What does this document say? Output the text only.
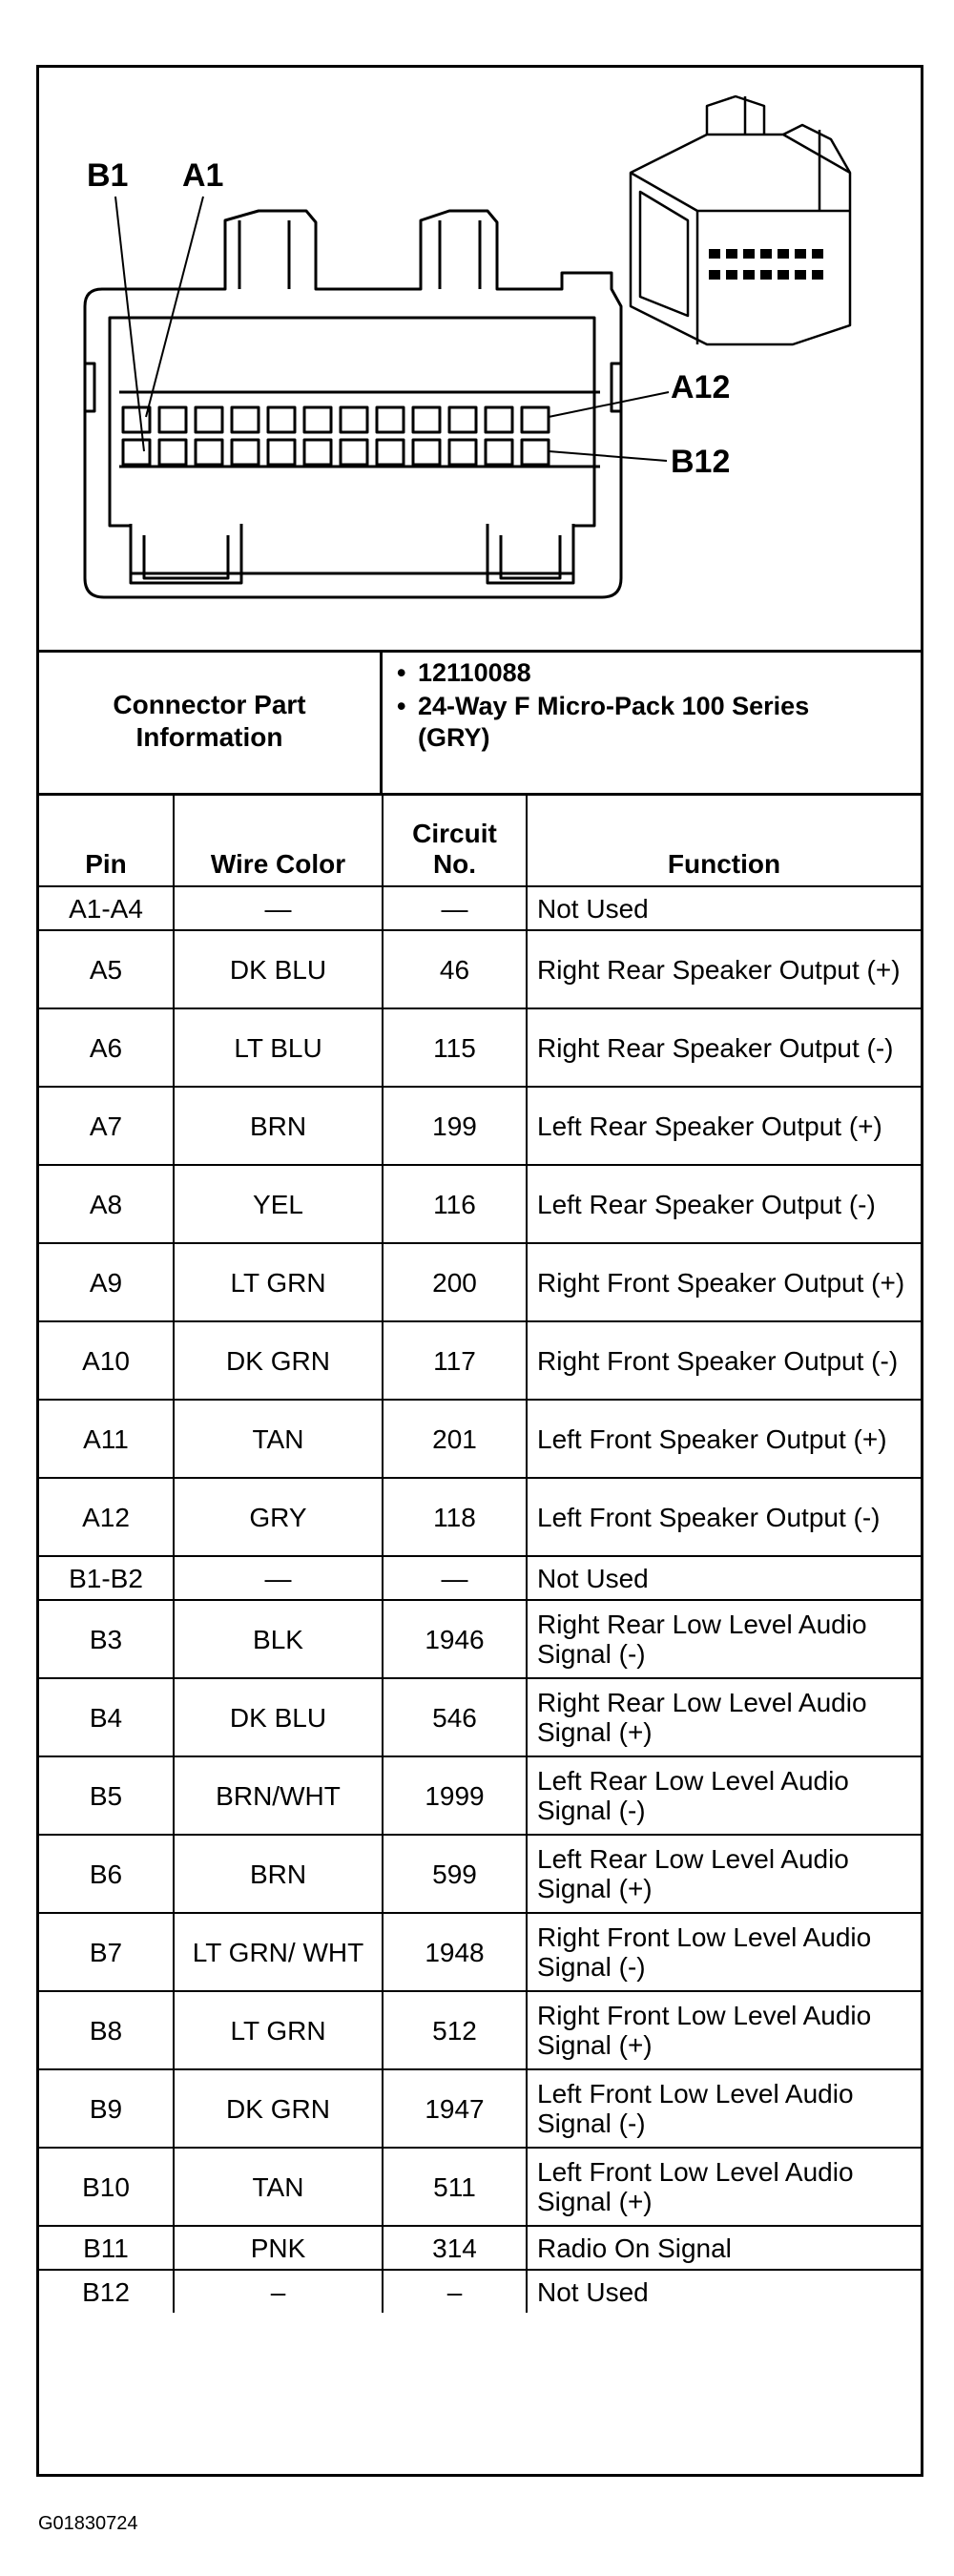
B1 A1
A12
B12
Connector Part Information
• 12110088
• 24-Way F Micro-Pack 100 Series (GRY)
Pin	Wire Color	Circuit No.	Function
A1-A4	—	—	Not Used
A5	DK BLU	46	Right Rear Speaker Output (+)
A6	LT BLU	115	Right Rear Speaker Output (-)
A7	BRN	199	Left Rear Speaker Output (+)
A8	YEL	116	Left Rear Speaker Output (-)
A9	LT GRN	200	Right Front Speaker Output (+)
A10	DK GRN	117	Right Front Speaker Output (-)
A11	TAN	201	Left Front Speaker Output (+)
A12	GRY	118	Left Front Speaker Output (-)
B1-B2	—	—	Not Used
B3	BLK	1946	Right Rear Low Level Audio Signal (-)
B4	DK BLU	546	Right Rear Low Level Audio Signal (+)
B5	BRN/WHT	1999	Left Rear Low Level Audio Signal (-)
B6	BRN	599	Left Rear Low Level Audio Signal (+)
B7	LT GRN/ WHT	1948	Right Front Low Level Audio Signal (-)
B8	LT GRN	512	Right Front Low Level Audio Signal (+)
B9	DK GRN	1947	Left Front Low Level Audio Signal (-)
B10	TAN	511	Left Front Low Level Audio Signal (+)
B11	PNK	314	Radio On Signal
B12	–	–	Not Used
G01830724
